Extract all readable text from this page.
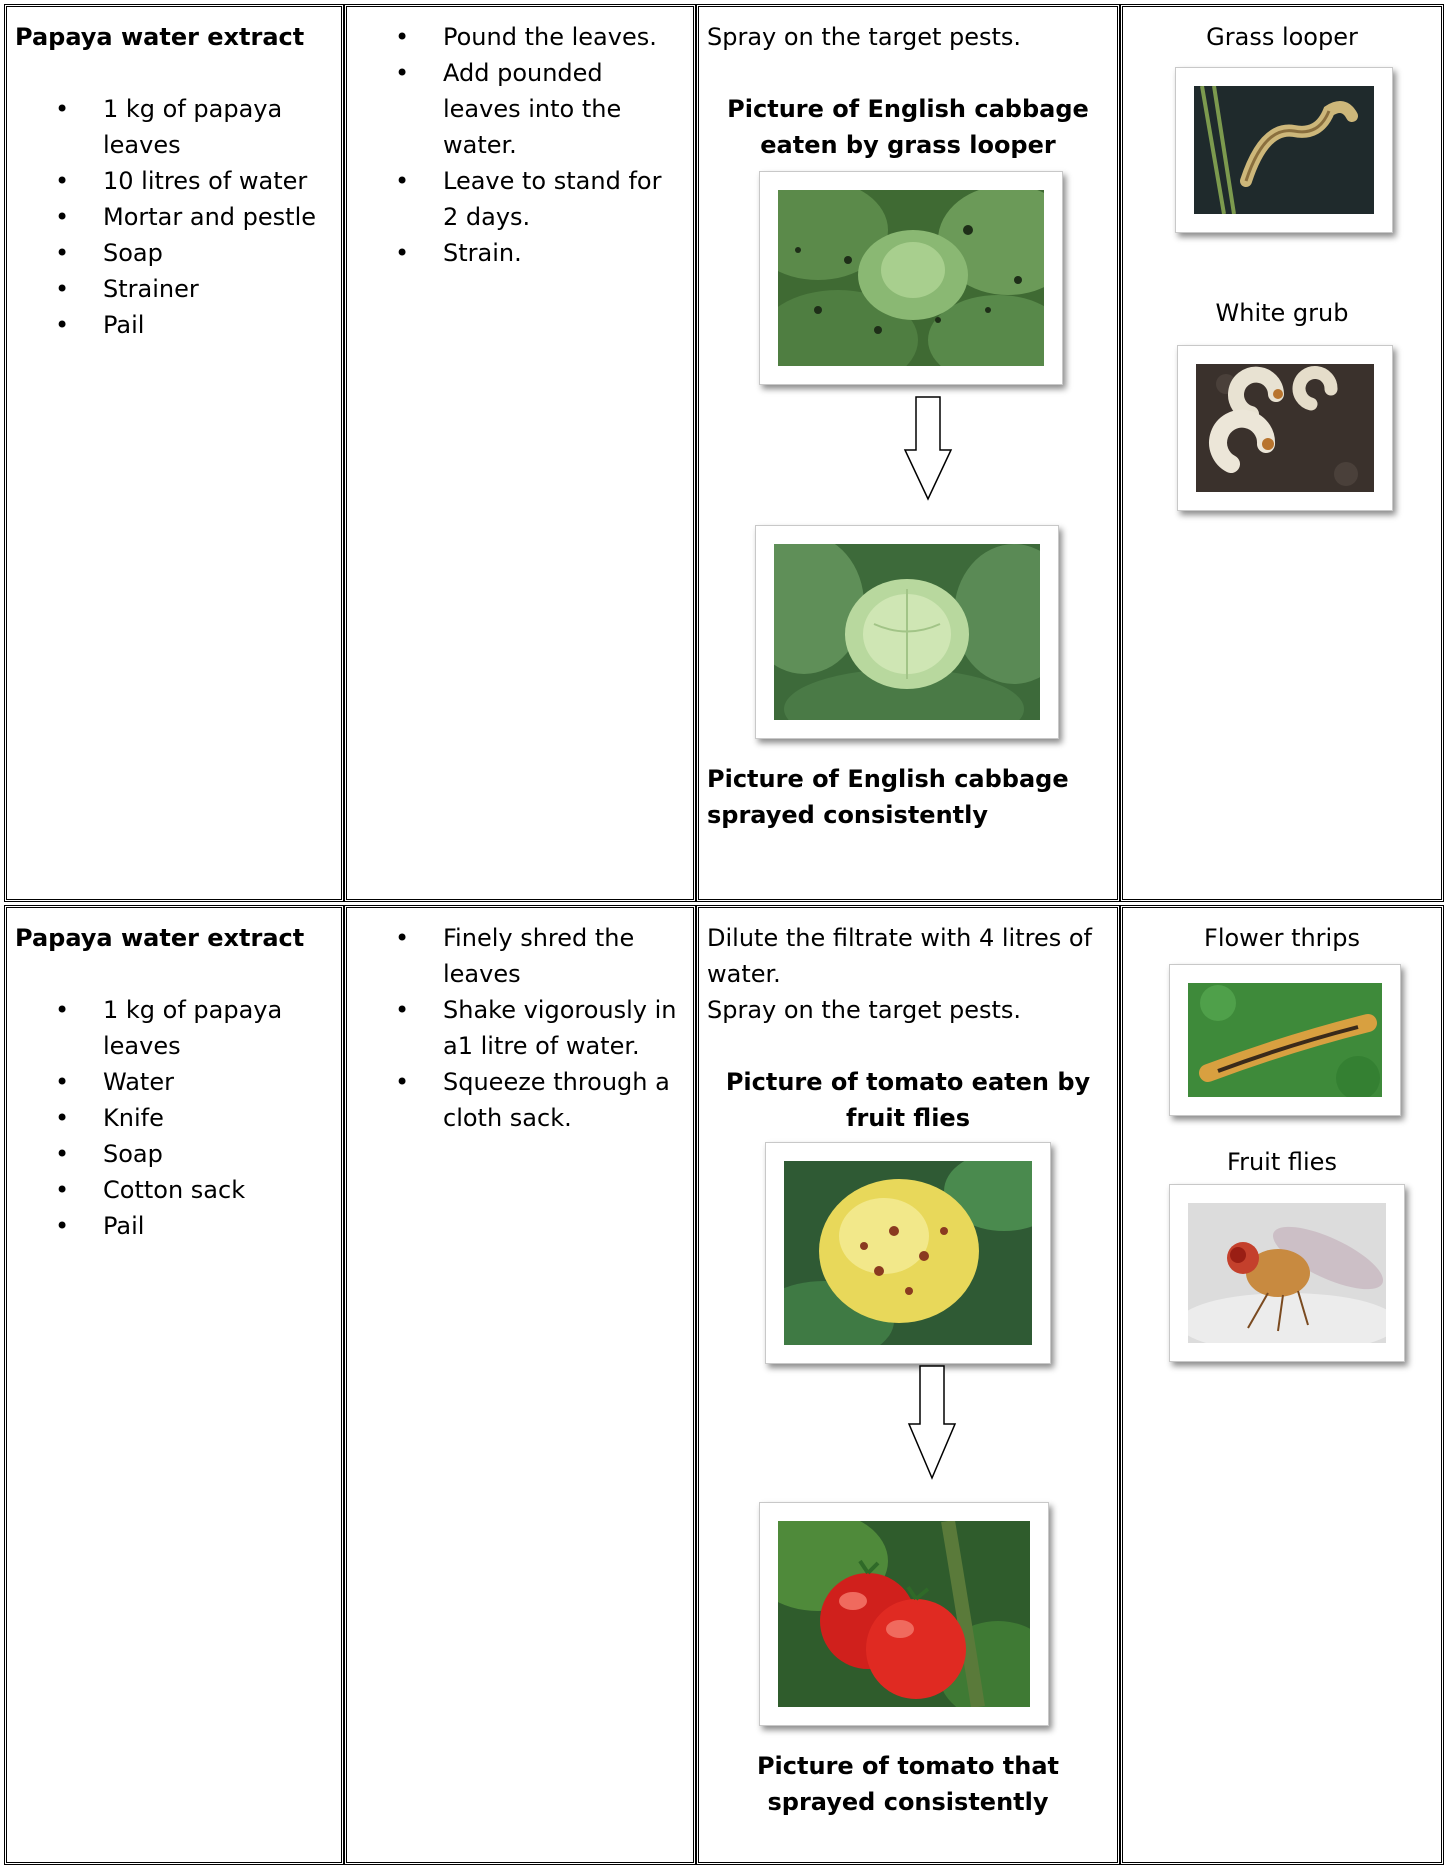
Papaya water extract
• 1 kg of papaya leaves
• 10 litres of water
• Mortar and pestle
• Soap
• Strainer
• Pail
• Pound the leaves.
• Add pounded leaves into the water.
• Leave to stand for 2 days.
• Strain.
Spray on the target pests.
Picture of English cabbage eaten by grass looper
Picture of English cabbage sprayed consistently
Grass looper
White grub
Papaya water extract
• 1 kg of papaya leaves
• Water
• Knife
• Soap
• Cotton sack
• Pail
• Finely shred the leaves
• Shake vigorously in a1 litre of water.
• Squeeze through a cloth sack.
Dilute the filtrate with 4 litres of water.
Spray on the target pests.
Picture of tomato eaten by fruit flies
Picture of tomato that sprayed consistently
Flower thrips
Fruit flies
